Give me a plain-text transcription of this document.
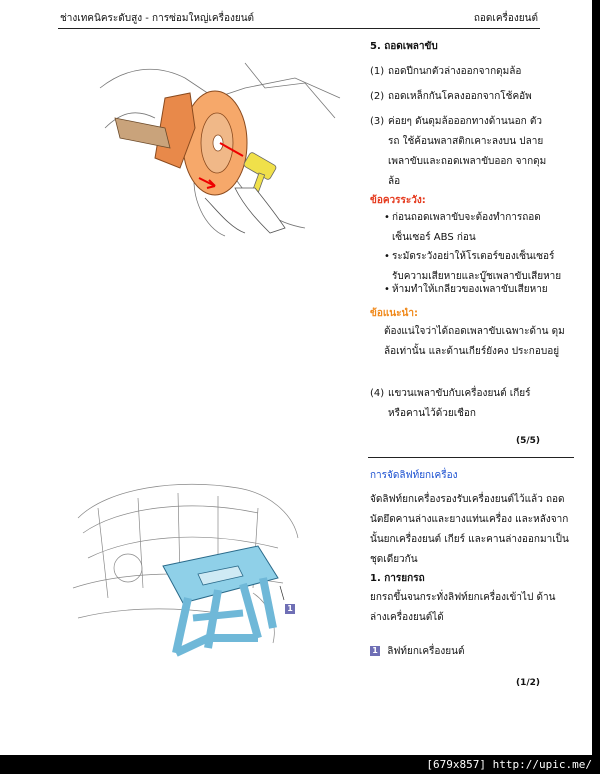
ช่างเทคนิคระดับสูง - การซ่อมใหญ่เครื่องยนต์	ถอดเครื่องยนต์
5. ถอดเพลาขับ
(1) ถอดปีกนกตัวล่างออกจากดุมล้อ
(2) ถอดเหล็กกันโคลงออกจากโช้คอัพ
(3) ค่อยๆ ดันดุมล้อออกทางด้านนอก ตัวรถ ใช้ค้อนพลาสติกเคาะลงบน ปลายเพลาขับและถอดเพลาขับออก จากดุมล้อ
ข้อควรระวัง:
• ก่อนถอดเพลาขับจะต้องทำการถอด เซ็นเซอร์ ABS ก่อน
• ระมัดระวังอย่าให้โรเตอร์ของเซ็นเซอร์ รับความเสียหายและบู๊ชเพลาขับเสียหาย
• ห้ามทำให้เกลียวของเพลาขับเสียหาย
ข้อแนะนำ:
ต้องแน่ใจว่าได้ถอดเพลาขับเฉพาะด้าน ดุมล้อเท่านั้น และด้านเกียร์ยังคง ประกอบอยู่
(4) แขวนเพลาขับกับเครื่องยนต์ เกียร์ หรือคานไว้ด้วยเชือก
(5/5)
การจัดลิฟท์ยกเครื่อง
1
จัดลิฟท์ยกเครื่องรองรับเครื่องยนต์ไว้แล้ว ถอดนัตยึดคานล่างและยางแท่นเครื่อง และหลังจากนั้นยกเครื่องยนต์ เกียร์ และคานล่างออกมาเป็นชุดเดียวกัน
1. การยกรถ
ยกรถขึ้นจนกระทั่งลิฟท์ยกเครื่องเข้าไป ด้านล่างเครื่องยนต์ได้
1 ลิฟท์ยกเครื่องยนต์
(1/2)
[679x857] http://upic.me/
